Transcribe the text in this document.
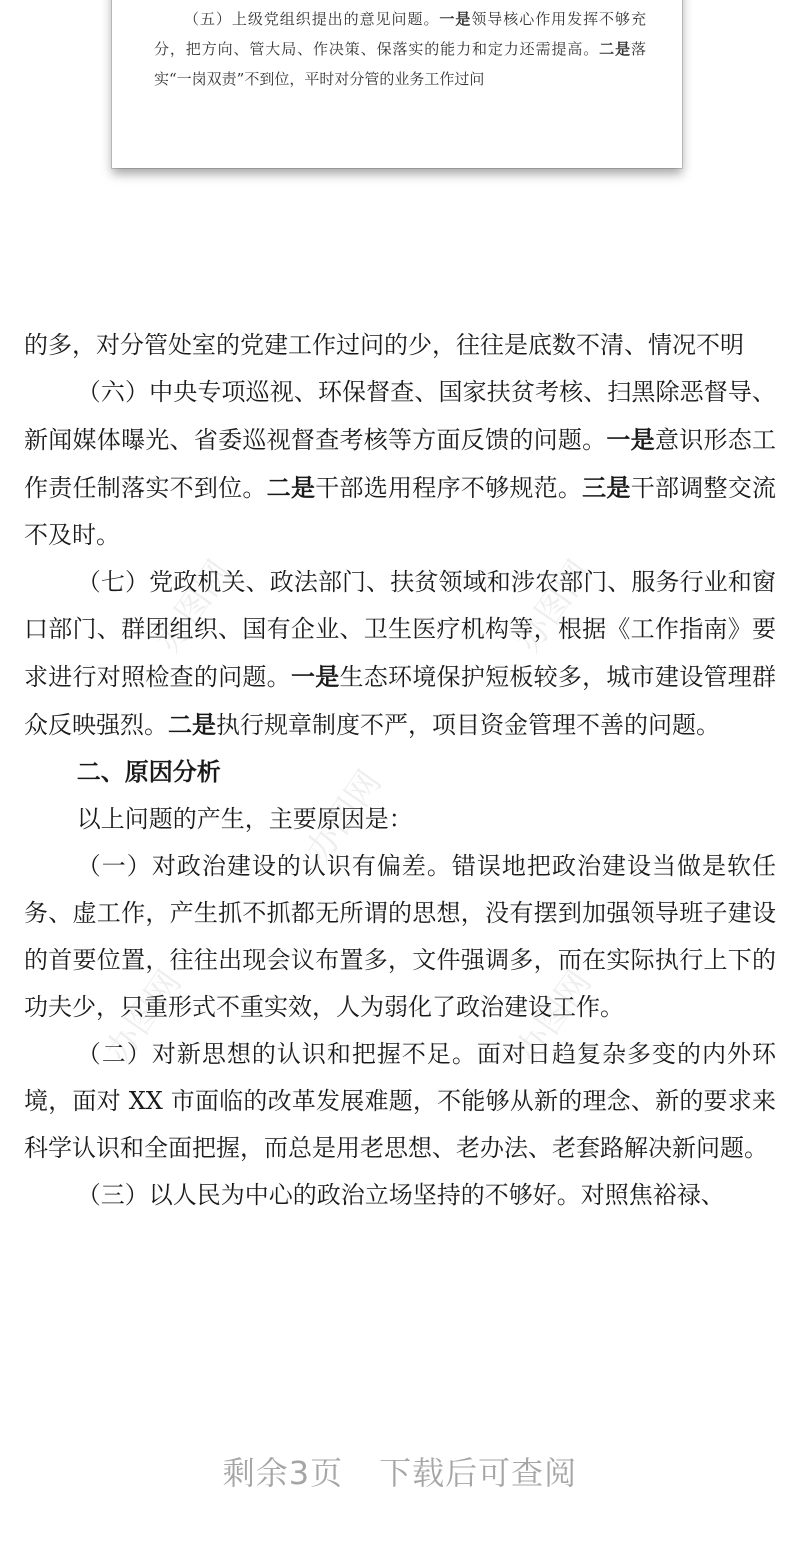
（五）上级党组织提出的意见问题。一是领导核心作用发挥不够充分，把方向、管大局、作决策、保落实的能力和定力还需提高。二是落实“一岗双责”不到位，平时对分管的业务工作过问

办图网	办图网
办图网
办图网	办图网

的多，对分管处室的党建工作过问的少，往往是底数不清、情况不明

（六）中央专项巡视、环保督查、国家扶贫考核、扫黑除恶督导、新闻媒体曝光、省委巡视督查考核等方面反馈的问题。一是意识形态工作责任制落实不到位。二是干部选用程序不够规范。三是干部调整交流不及时。

（七）党政机关、政法部门、扶贫领域和涉农部门、服务行业和窗口部门、群团组织、国有企业、卫生医疗机构等，根据《工作指南》要求进行对照检查的问题。一是生态环境保护短板较多，城市建设管理群众反映强烈。二是执行规章制度不严，项目资金管理不善的问题。

二、原因分析

以上问题的产生，主要原因是：

（一）对政治建设的认识有偏差。错误地把政治建设当做是软任务、虚工作，产生抓不抓都无所谓的思想，没有摆到加强领导班子建设的首要位置，往往出现会议布置多，文件强调多，而在实际执行上下的功夫少，只重形式不重实效，人为弱化了政治建设工作。

（二）对新思想的认识和把握不足。面对日趋复杂多变的内外环境，面对 XX 市面临的改革发展难题，不能够从新的理念、新的要求来科学认识和全面把握，而总是用老思想、老办法、老套路解决新问题。

（三）以人民为中心的政治立场坚持的不够好。对照焦裕禄、

剩余3页 下载后可查阅
